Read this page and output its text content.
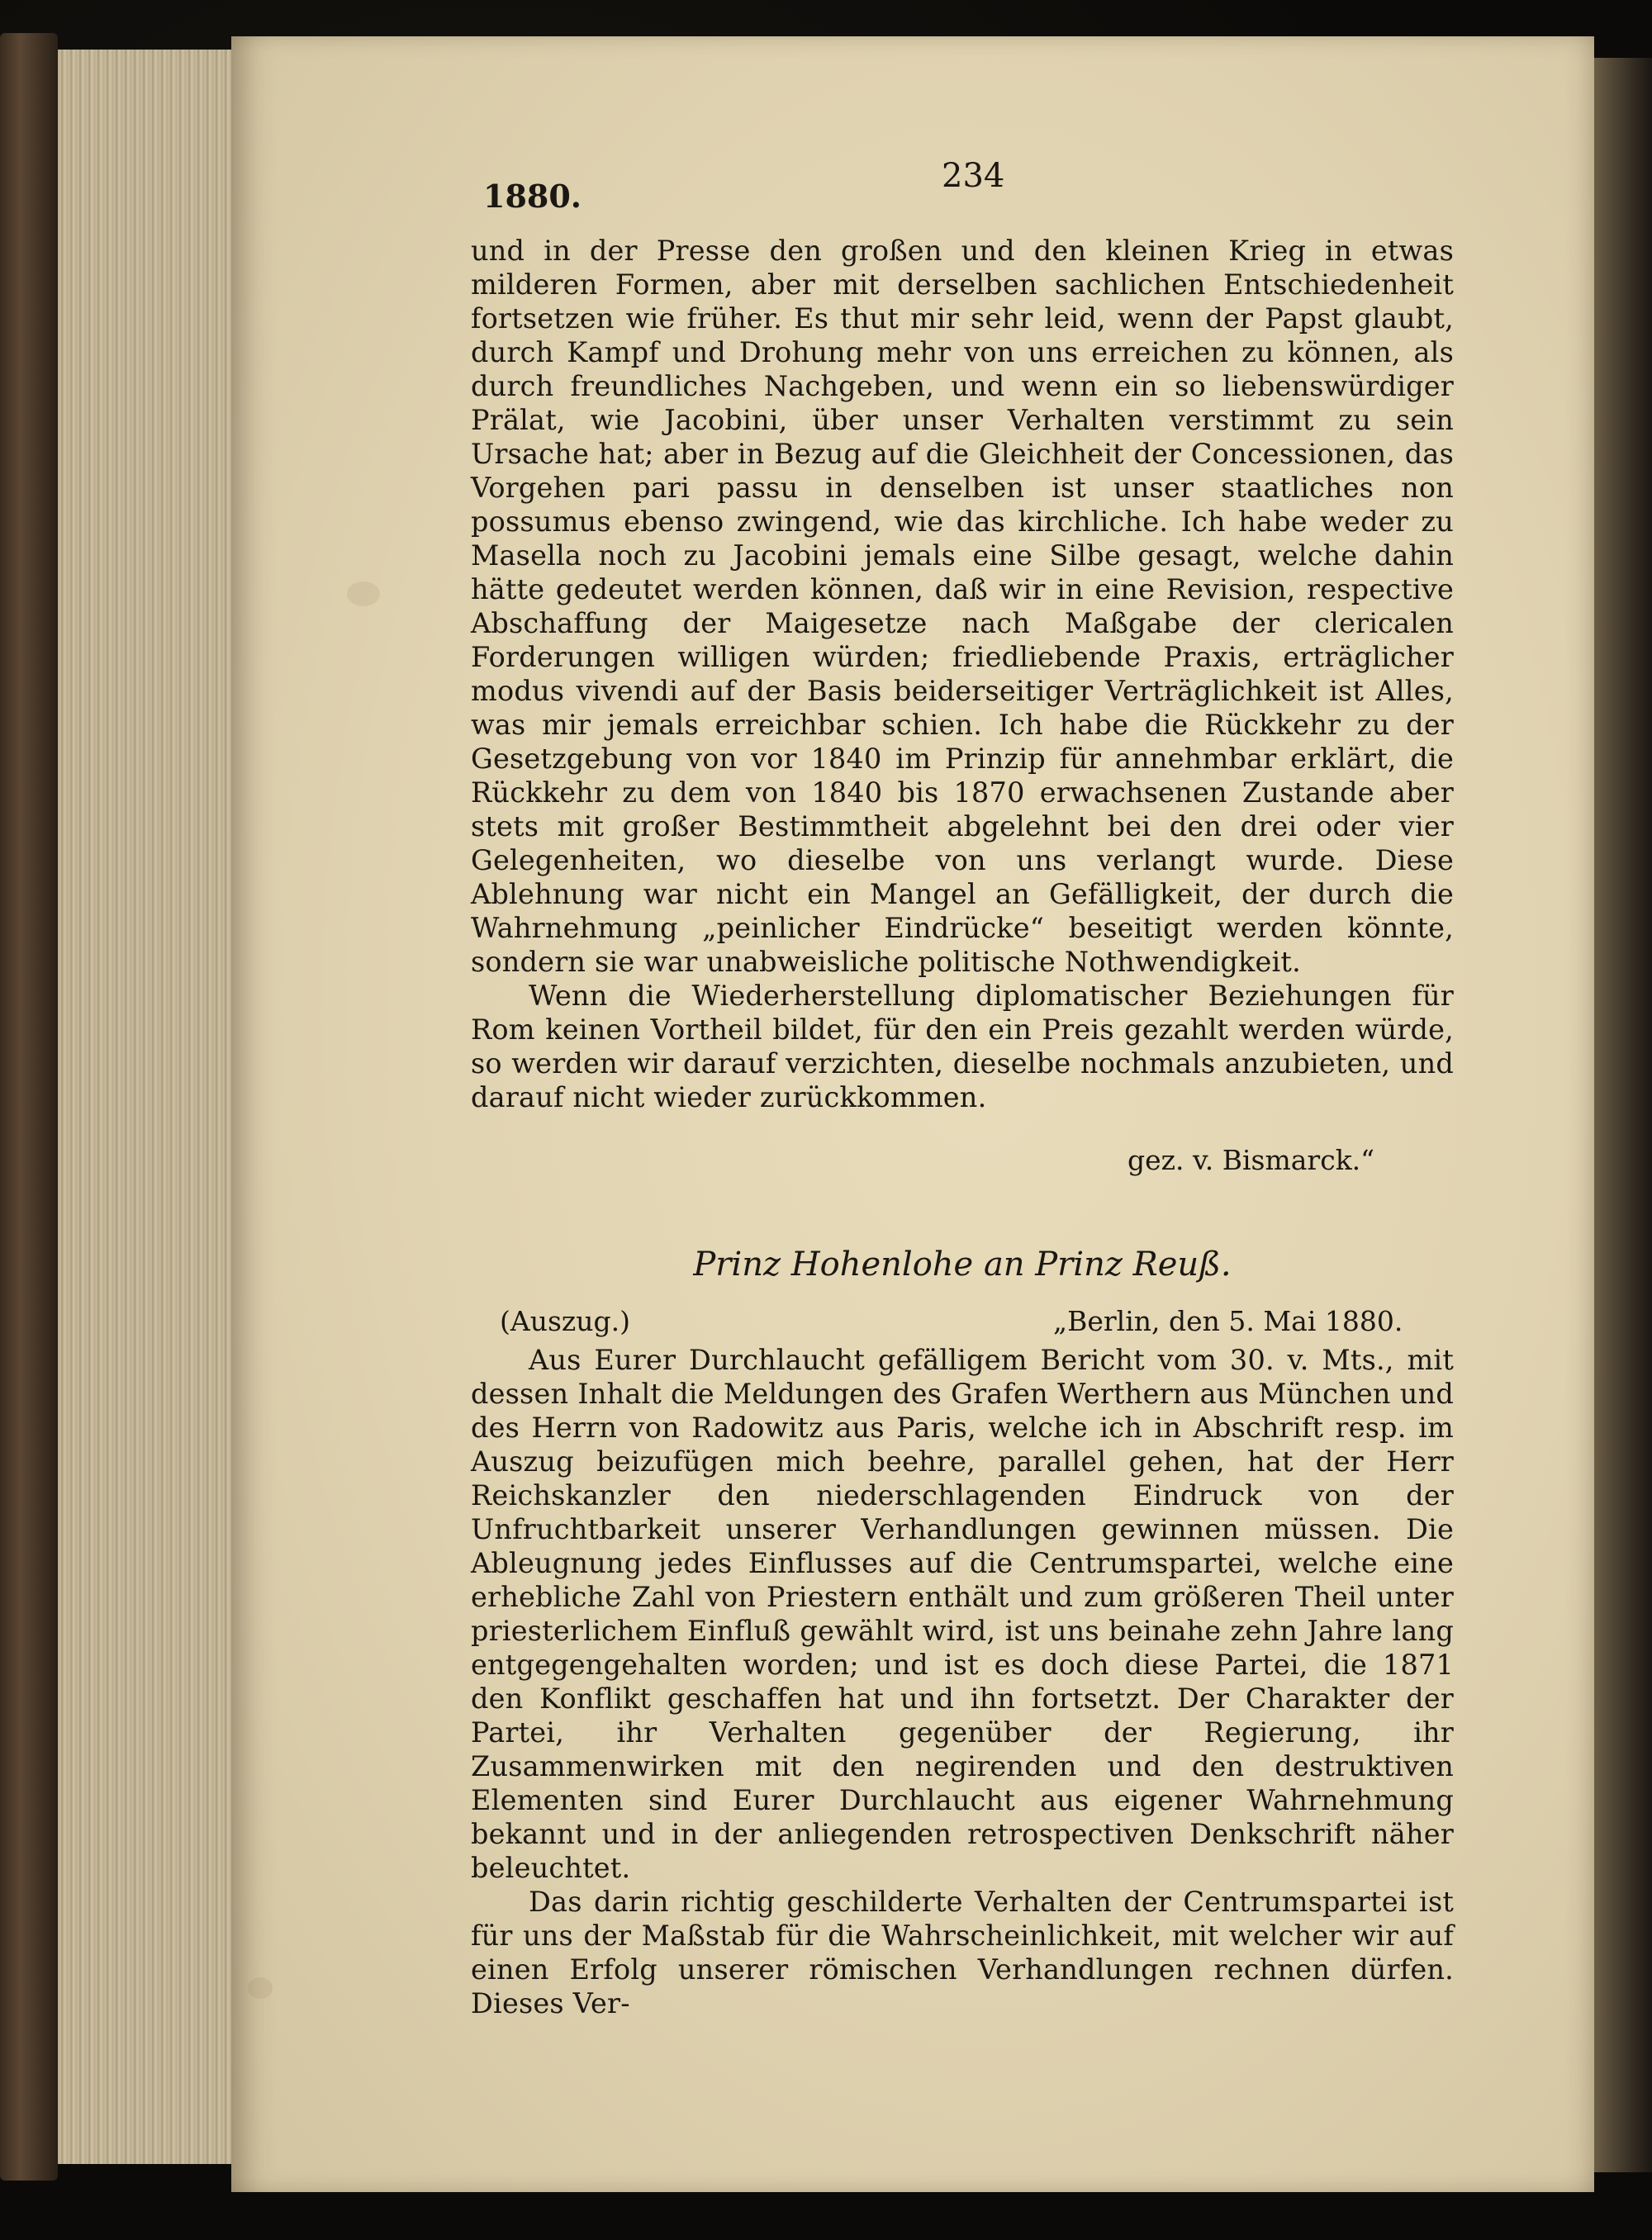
234
1880.

und in der Presse den großen und den kleinen Krieg in etwas milderen Formen, aber mit derselben sachlichen Entschiedenheit fortsetzen wie früher. Es thut mir sehr leid, wenn der Papst glaubt, durch Kampf und Drohung mehr von uns erreichen zu können, als durch freundliches Nachgeben, und wenn ein so liebenswürdiger Prälat, wie Jacobini, über unser Verhalten verstimmt zu sein Ursache hat; aber in Bezug auf die Gleichheit der Concessionen, das Vorgehen pari passu in denselben ist unser staatliches non possumus ebenso zwingend, wie das kirchliche. Ich habe weder zu Masella noch zu Jacobini jemals eine Silbe gesagt, welche dahin hätte gedeutet werden können, daß wir in eine Revision, respective Abschaffung der Maigesetze nach Maßgabe der clericalen Forderungen willigen würden; friedliebende Praxis, erträglicher modus vivendi auf der Basis beiderseitiger Verträglichkeit ist Alles, was mir jemals erreichbar schien. Ich habe die Rückkehr zu der Gesetzgebung von vor 1840 im Prinzip für annehmbar erklärt, die Rückkehr zu dem von 1840 bis 1870 erwachsenen Zustande aber stets mit großer Bestimmtheit abgelehnt bei den drei oder vier Gelegenheiten, wo dieselbe von uns verlangt wurde. Diese Ablehnung war nicht ein Mangel an Gefälligkeit, der durch die Wahrnehmung „peinlicher Eindrücke“ beseitigt werden könnte, sondern sie war unabweisliche politische Nothwendigkeit.

Wenn die Wiederherstellung diplomatischer Beziehungen für Rom keinen Vortheil bildet, für den ein Preis gezahlt werden würde, so werden wir darauf verzichten, dieselbe nochmals anzubieten, und darauf nicht wieder zurückkommen.

gez. v. Bismarck.“
Prinz Hohenlohe an Prinz Reuß.
(Auszug.)	„Berlin, den 5. Mai 1880.

Aus Eurer Durchlaucht gefälligem Bericht vom 30. v. Mts., mit dessen Inhalt die Meldungen des Grafen Werthern aus München und des Herrn von Radowitz aus Paris, welche ich in Abschrift resp. im Auszug beizufügen mich beehre, parallel gehen, hat der Herr Reichskanzler den niederschlagenden Eindruck von der Unfruchtbarkeit unserer Verhandlungen gewinnen müssen. Die Ableugnung jedes Einflusses auf die Centrumspartei, welche eine erhebliche Zahl von Priestern enthält und zum größeren Theil unter priesterlichem Einfluß gewählt wird, ist uns beinahe zehn Jahre lang entgegengehalten worden; und ist es doch diese Partei, die 1871 den Konflikt geschaffen hat und ihn fortsetzt. Der Charakter der Partei, ihr Verhalten gegenüber der Regierung, ihr Zusammenwirken mit den negirenden und den destruktiven Elementen sind Eurer Durchlaucht aus eigener Wahrnehmung bekannt und in der anliegenden retrospectiven Denkschrift näher beleuchtet.

Das darin richtig geschilderte Verhalten der Centrumspartei ist für uns der Maßstab für die Wahrscheinlichkeit, mit welcher wir auf einen Erfolg unserer römischen Verhandlungen rechnen dürfen. Dieses Ver-
